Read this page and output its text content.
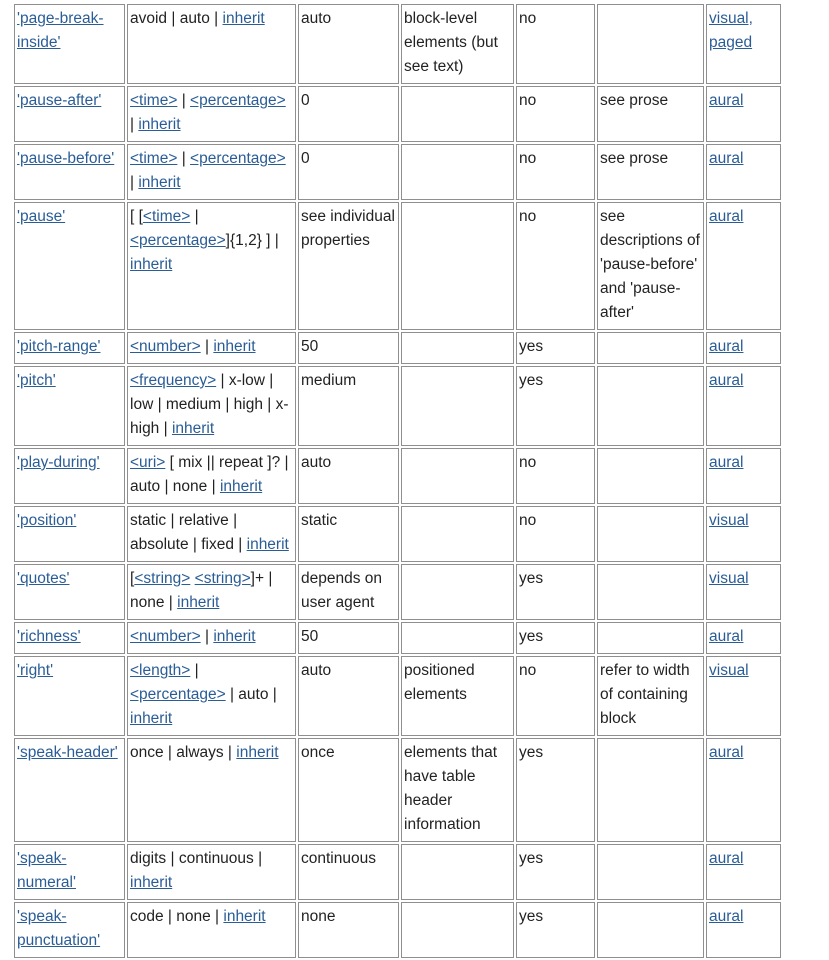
'page-break-inside'	avoid | auto | inherit	auto	block-level elements (but see text)	no		visual, paged
'pause-after'	<time> | <percentage> | inherit	0		no	see prose	aural
'pause-before'	<time> | <percentage> | inherit	0		no	see prose	aural
'pause'	[ [<time> | <percentage>]{1,2} ] | inherit	see individual properties		no	see descriptions of 'pause-before' and 'pause-after'	aural
'pitch-range'	<number> | inherit	50		yes		aural
'pitch'	<frequency> | x-low | low | medium | high | x-high | inherit	medium		yes		aural
'play-during'	<uri> [ mix || repeat ]? | auto | none | inherit	auto		no		aural
'position'	static | relative | absolute | fixed | inherit	static		no		visual
'quotes'	[<string> <string>]+ | none | inherit	depends on user agent		yes		visual
'richness'	<number> | inherit	50		yes		aural
'right'	<length> | <percentage> | auto | inherit	auto	positioned elements	no	refer to width of containing block	visual
'speak-header'	once | always | inherit	once	elements that have table header information	yes		aural
'speak-numeral'	digits | continuous | inherit	continuous		yes		aural
'speak-punctuation'	code | none | inherit	none		yes		aural
